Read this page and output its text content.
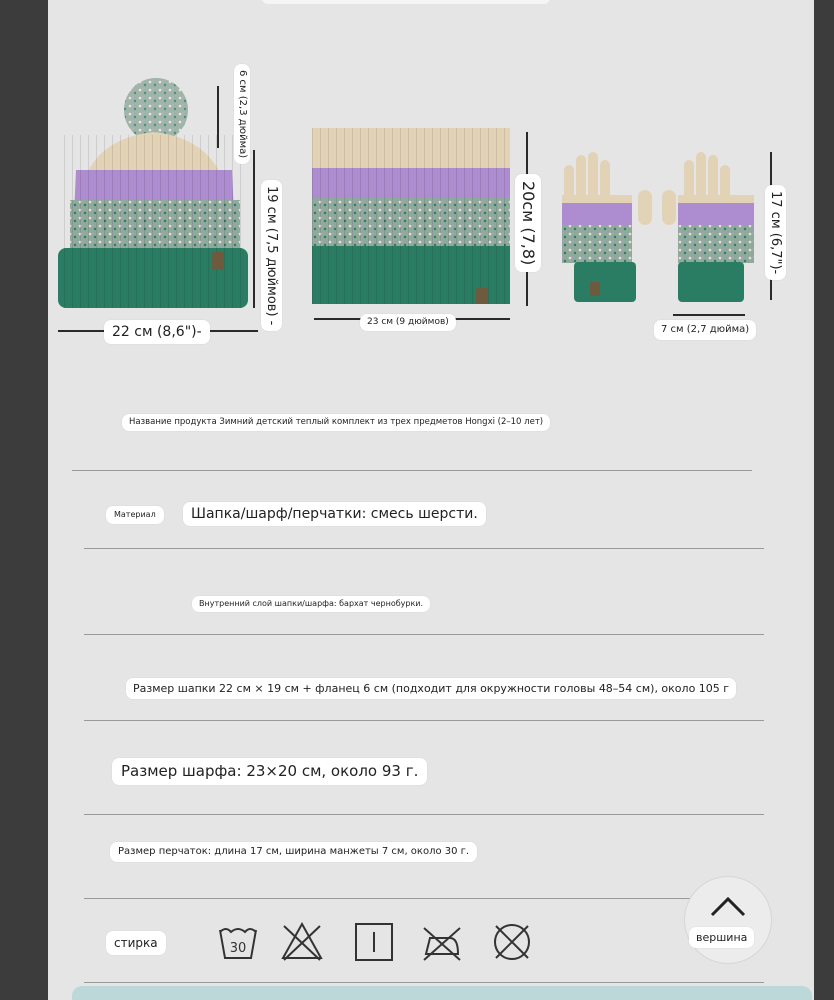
6 см (2,3 дюйма)
19 см (7,5 дюймов) -
22 см (8,6")-
20см (7,8)
23 см (9 дюймов)
17 см (6,7")-
7 см (2,7 дюйма)
Название продукта Зимний детский теплый комплект из трех предметов Hongxi (2–10 лет)
Материал	Шапка/шарф/перчатки: смесь шерсти.
Внутренний слой шапки/шарфа: бархат чернобурки.
Размер шапки 22 см × 19 см + фланец 6 см (подходит для окружности головы 48–54 см), около 105 г
Размер шарфа: 23×20 см, около 93 г.
Размер перчаток: длина 17 см, ширина манжеты 7 см, около 30 г.
стирка	30
вершина
